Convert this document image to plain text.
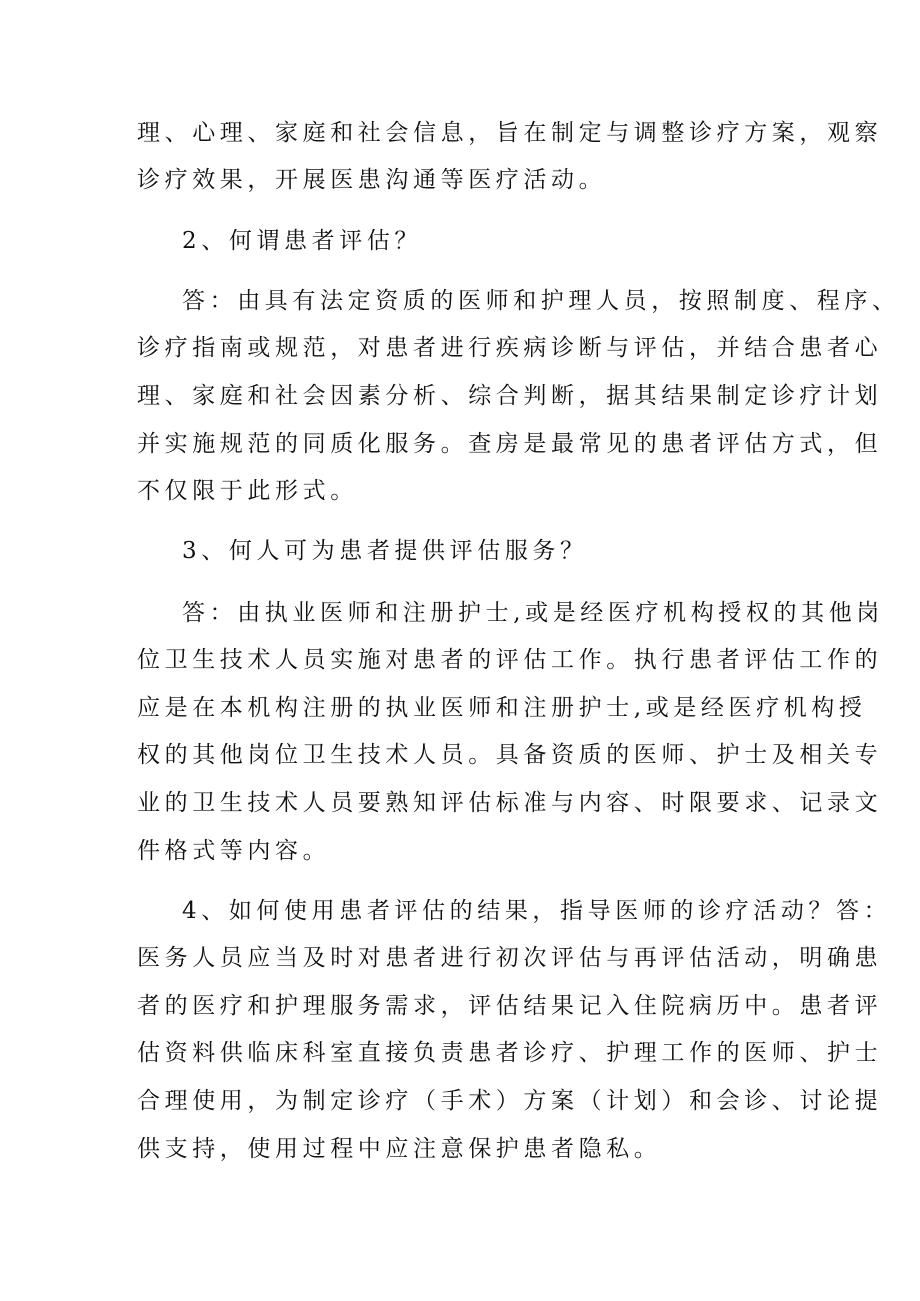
理、心理、家庭和社会信息，旨在制定与调整诊疗方案，观察
诊疗效果，开展医患沟通等医疗活动。
2、何谓患者评估？
答：由具有法定资质的医师和护理人员，按照制度、程序、
诊疗指南或规范，对患者进行疾病诊断与评估，并结合患者心
理、家庭和社会因素分析、综合判断，据其结果制定诊疗计划
并实施规范的同质化服务。查房是最常见的患者评估方式，但
不仅限于此形式。
3、何人可为患者提供评估服务？
答：由执业医师和注册护士,或是经医疗机构授权的其他岗
位卫生技术人员实施对患者的评估工作。执行患者评估工作的
应是在本机构注册的执业医师和注册护士,或是经医疗机构授
权的其他岗位卫生技术人员。具备资质的医师、护士及相关专
业的卫生技术人员要熟知评估标准与内容、时限要求、记录文
件格式等内容。
4、如何使用患者评估的结果，指导医师的诊疗活动？答：
医务人员应当及时对患者进行初次评估与再评估活动，明确患
者的医疗和护理服务需求，评估结果记入住院病历中。患者评
估资料供临床科室直接负责患者诊疗、护理工作的医师、护士
合理使用，为制定诊疗（手术）方案（计划）和会诊、讨论提
供支持，使用过程中应注意保护患者隐私。
